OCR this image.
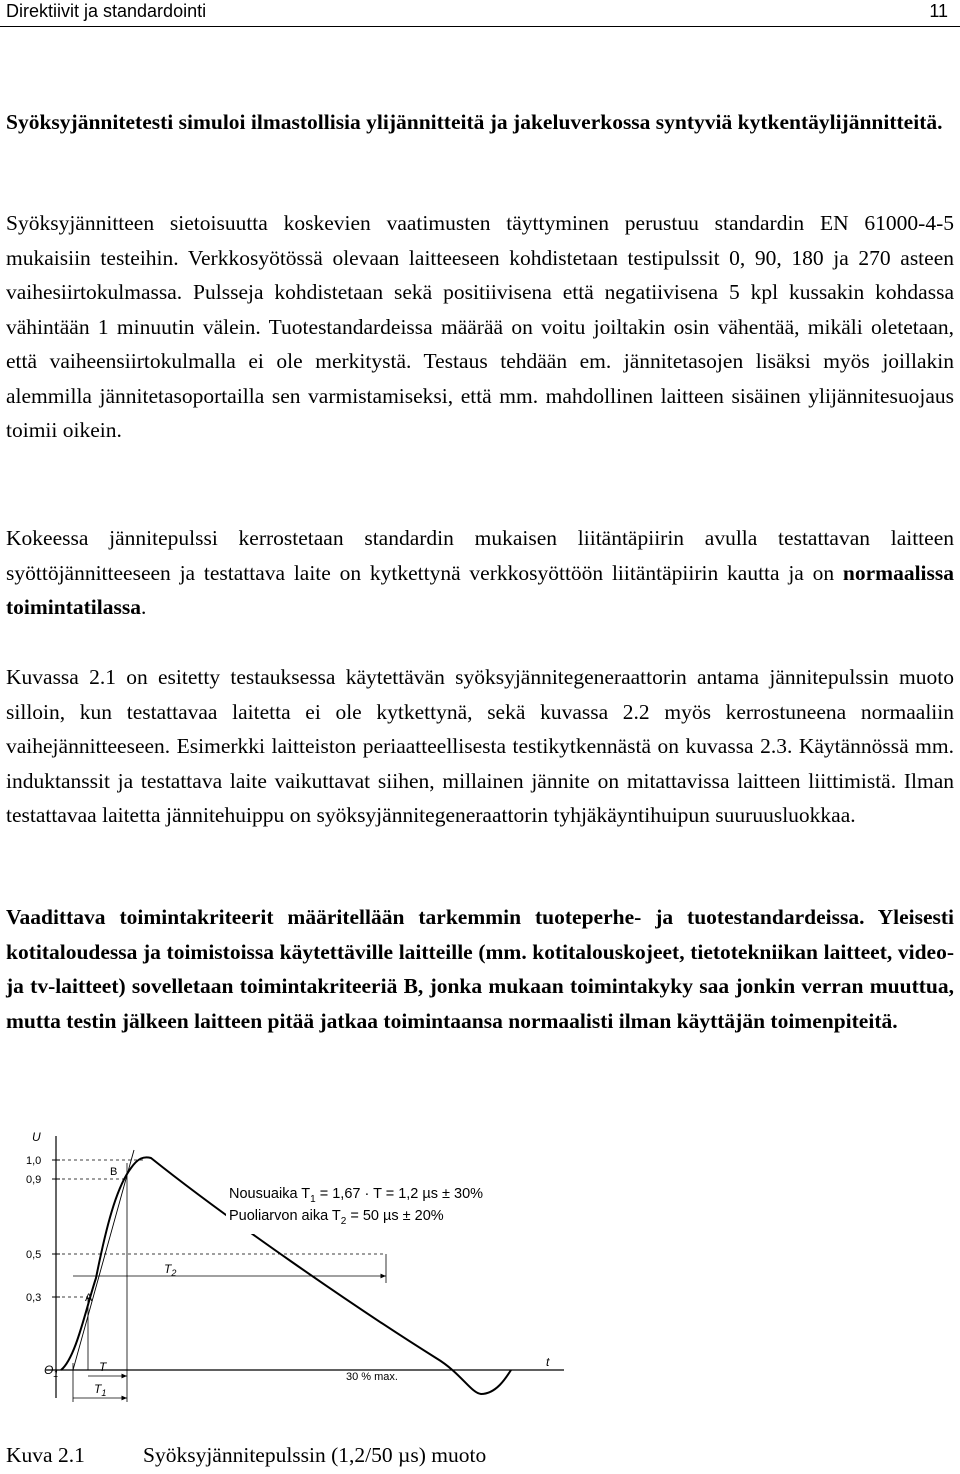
Direktiivit ja standardointi	11

Syöksyjännitetesti simuloi ilmastollisia ylijännitteitä ja jakeluverkossa syntyviä kytkentäylijännitteitä.

Syöksyjännitteen sietoisuutta koskevien vaatimusten täyttyminen perustuu standardin EN 61000-4-5 mukaisiin testeihin. Verkkosyötössä olevaan laitteeseen kohdistetaan testipulssit 0, 90, 180 ja 270 asteen vaihesiirtokulmassa. Pulsseja kohdistetaan sekä positiivisena että negatiivisena 5 kpl kussakin kohdassa vähintään 1 minuutin välein. Tuotestandardeissa määrää on voitu joiltakin osin vähentää, mikäli oletetaan, että vaiheensiirtokulmalla ei ole merkitystä. Testaus tehdään em. jännitetasojen lisäksi myös joillakin alemmilla jännitetasoportailla sen varmistamiseksi, että mm. mahdollinen laitteen sisäinen ylijännitesuojaus toimii oikein.

Kokeessa jännitepulssi kerrostetaan standardin mukaisen liitäntäpiirin avulla testattavan laitteen syöttöjännitteeseen ja testattava laite on kytkettynä verkkosyöttöön liitäntäpiirin kautta ja on normaalissa toimintatilassa.

Kuvassa 2.1 on esitetty testauksessa käytettävän syöksyjännitegeneraattorin antama jännitepulssin muoto silloin, kun testattavaa laitetta ei ole kytkettynä, sekä kuvassa 2.2 myös kerrostuneena normaaliin vaihejännitteeseen. Esimerkki laitteiston periaatteellisesta testikytkennästä on kuvassa 2.3. Käytännössä mm. induktanssit ja testattava laite vaikuttavat siihen, millainen jännite on mitattavissa laitteen liittimistä. Ilman testattavaa laitetta jännitehuippu on syöksyjännitegeneraattorin tyhjäkäyntihuipun suuruusluokkaa.

Vaadittava toimintakriteerit määritellään tarkemmin tuoteperhe- ja tuotestandardeissa. Yleisesti kotitaloudessa ja toimistoissa käytettäville laitteille (mm. kotitalouskojeet, tietotekniikan laitteet, video- ja tv-laitteet) sovelletaan toimintakriteeriä B, jonka mukaan toimintakyky saa jonkin verran muuttua, mutta testin jälkeen laitteen pitää jatkaa toimintaansa normaalisti ilman käyttäjän toimenpiteitä.

U
t
1,0
0,9
0,5
0,3
$T_2$
T
$T_1$
30 % max.
A
B
$O_1$
Nousuaika $T_1 = 1,67 \cdot T = 1,2$ µs ± 30%
Puoliarvon aika $T_2 = 50$ µs ± 20%
Kuva 2.1	Syöksyjännitepulssin (1,2/50 µs) muoto
